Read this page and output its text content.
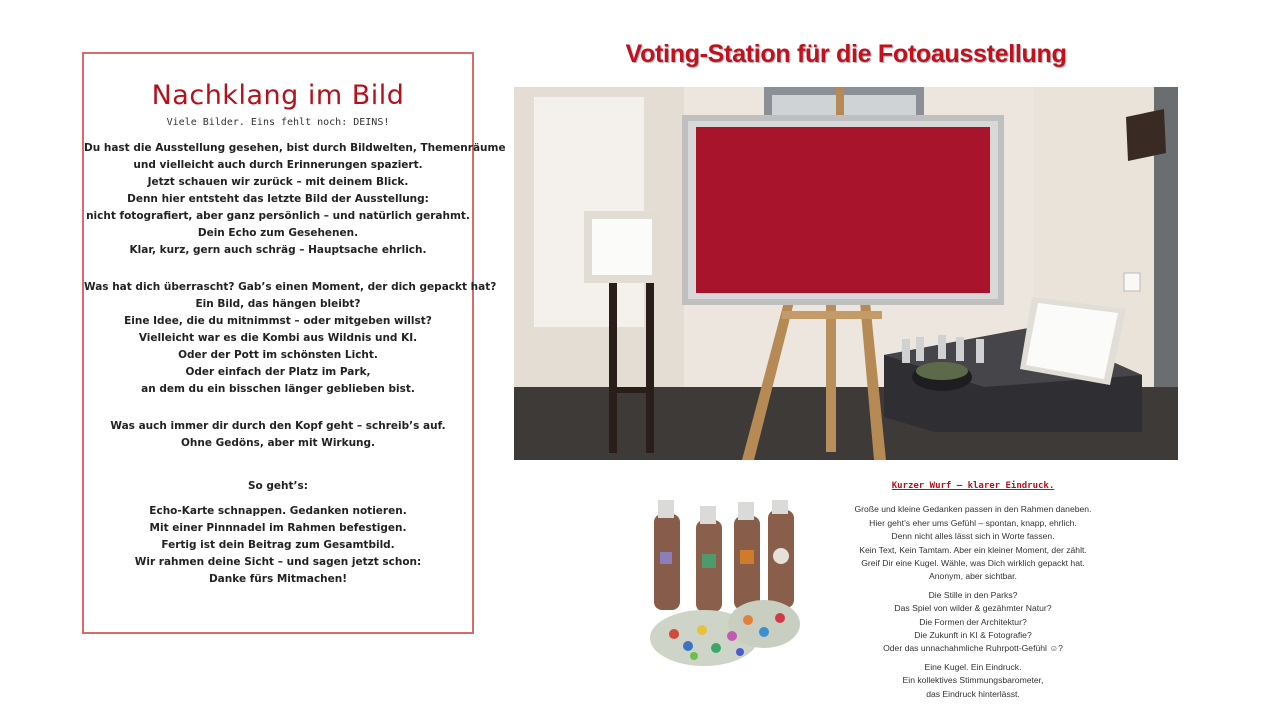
Nachklang im Bild
Viele Bilder. Eins fehlt noch: DEINS!
Du hast die Ausstellung gesehen, bist durch Bildwelten, Themenräume
und vielleicht auch durch Erinnerungen spaziert.
Jetzt schauen wir zurück – mit deinem Blick.
Denn hier entsteht das letzte Bild der Ausstellung:
nicht fotografiert, aber ganz persönlich – und natürlich gerahmt.
Dein Echo zum Gesehenen.
Klar, kurz, gern auch schräg – Hauptsache ehrlich.
Was hat dich überrascht? Gab’s einen Moment, der dich gepackt hat?
Ein Bild, das hängen bleibt?
Eine Idee, die du mitnimmst – oder mitgeben willst?
Vielleicht war es die Kombi aus Wildnis und KI.
Oder der Pott im schönsten Licht.
Oder einfach der Platz im Park,
an dem du ein bisschen länger geblieben bist.
Was auch immer dir durch den Kopf geht – schreib’s auf.
Ohne Gedöns, aber mit Wirkung.
So geht’s:
Echo-Karte schnappen. Gedanken notieren.
Mit einer Pinnnadel im Rahmen befestigen.
Fertig ist dein Beitrag zum Gesamtbild.
Wir rahmen deine Sicht – und sagen jetzt schon:
Danke fürs Mitmachen!
Voting-Station für die Fotoausstellung
Kurzer Wurf – klarer Eindruck.
Große und kleine Gedanken passen in den Rahmen daneben.
Hier geht’s eher ums Gefühl – spontan, knapp, ehrlich.
Denn nicht alles lässt sich in Worte fassen.
Kein Text, Kein Tamtam. Aber ein kleiner Moment, der zählt.
Greif Dir eine Kugel. Wähle, was Dich wirklich gepackt hat.
Anonym, aber sichtbar.
Die Stille in den Parks?
Das Spiel von wilder & gezähmter Natur?
Die Formen der Architektur?
Die Zukunft in KI & Fotografie?
Oder das unnachahmliche Ruhrpott-Gefühl ☺?
Eine Kugel. Ein Eindruck.
Ein kollektives Stimmungsbarometer,
das Eindruck hinterlässt.
